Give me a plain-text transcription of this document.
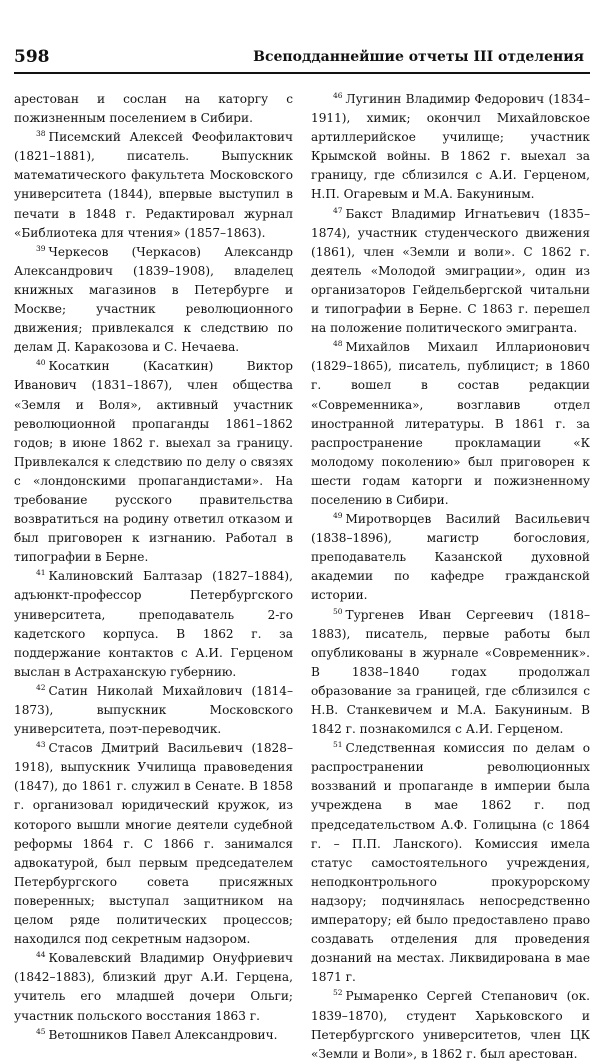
598	Всеподданнейшие отчеты III отделения

арестован и сослан на каторгу с пожизненным поселением в Сибири.

$^{38}$ Писемский Алексей Феофилактович (1821–1881), писатель. Выпускник математического факультета Московского университета (1844), впервые выступил в печати в 1848 г. Редактировал журнал «Библиотека для чтения» (1857–1863).

$^{39}$ Черкесов (Черкасов) Александр Александрович (1839–1908), владелец книжных магазинов в Петербурге и Москве; участник революционного движения; привлекался к следствию по делам Д. Каракозова и С. Нечаева.

$^{40}$ Косаткин (Касаткин) Виктор Иванович (1831–1867), член общества «Земля и Воля», активный участник революционной пропаганды 1861–1862 годов; в июне 1862 г. выехал за границу. Привлекался к следствию по делу о связях с «лондонскими пропагандистами». На требование русского правительства возвратиться на родину ответил отказом и был приговорен к изгнанию. Работал в типографии в Берне.

$^{41}$ Калиновский Балтазар (1827–1884), адъюнкт-профессор Петербургского университета, преподаватель 2-го кадетского корпуса. В 1862 г. за поддержание контактов с А.И. Герценом выслан в Астраханскую губернию.

$^{42}$ Сатин Николай Михайлович (1814–1873), выпускник Московского университета, поэт-переводчик.

$^{43}$ Стасов Дмитрий Васильевич (1828–1918), выпускник Училища правоведения (1847), до 1861 г. служил в Сенате. В 1858 г. организовал юридический кружок, из которого вышли многие деятели судебной реформы 1864 г. С 1866 г. занимался адвокатурой, был первым председателем Петербургского совета присяжных поверенных; выступал защитником на целом ряде политических процессов; находился под секретным надзором.

$^{44}$ Ковалевский Владимир Онуфриевич (1842–1883), близкий друг А.И. Герцена, учитель его младшей дочери Ольги; участник польского восстания 1863 г.

$^{45}$ Ветошников Павел Александрович.

$^{46}$ Лугинин Владимир Федорович (1834–1911), химик; окончил Михайловское артиллерийское училище; участник Крымской войны. В 1862 г. выехал за границу, где сблизился с А.И. Герценом, Н.П. Огаревым и М.А. Бакуниным.

$^{47}$ Бакст Владимир Игнатьевич (1835–1874), участник студенческого движения (1861), член «Земли и воли». С 1862 г. деятель «Молодой эмиграции», один из организаторов Гейдельбергской читальни и типографии в Берне. С 1863 г. перешел на положение политического эмигранта.

$^{48}$ Михайлов Михаил Илларионович (1829–1865), писатель, публицист; в 1860 г. вошел в состав редакции «Современника», возглавив отдел иностранной литературы. В 1861 г. за распространение прокламации «К молодому поколению» был приговорен к шести годам каторги и пожизненному поселению в Сибири.

$^{49}$ Миротворцев Василий Васильевич (1838–1896), магистр богословия, преподаватель Казанской духовной академии по кафедре гражданской истории.

$^{50}$ Тургенев Иван Сергеевич (1818–1883), писатель, первые работы был опубликованы в журнале «Современник». В 1838–1840 годах продолжал образование за границей, где сблизился с Н.В. Станкевичем и М.А. Бакуниным. В 1842 г. познакомился с А.И. Герценом.

$^{51}$ Следственная комиссия по делам о распространении революционных воззваний и пропаганде в империи была учреждена в мае 1862 г. под председательством А.Ф. Голицына (с 1864 г. – П.П. Ланского). Комиссия имела статус самостоятельного учреждения, неподконтрольного прокурорскому надзору; подчинялась непосредственно императору; ей было предоставлено право создавать отделения для проведения дознаний на местах. Ликвидирована в мае 1871 г.

$^{52}$ Рымаренко Сергей Степанович (ок. 1839–1870), студент Харьковского и Петербургского университетов, член ЦК «Земли и Воли», в 1862 г. был арестован.
